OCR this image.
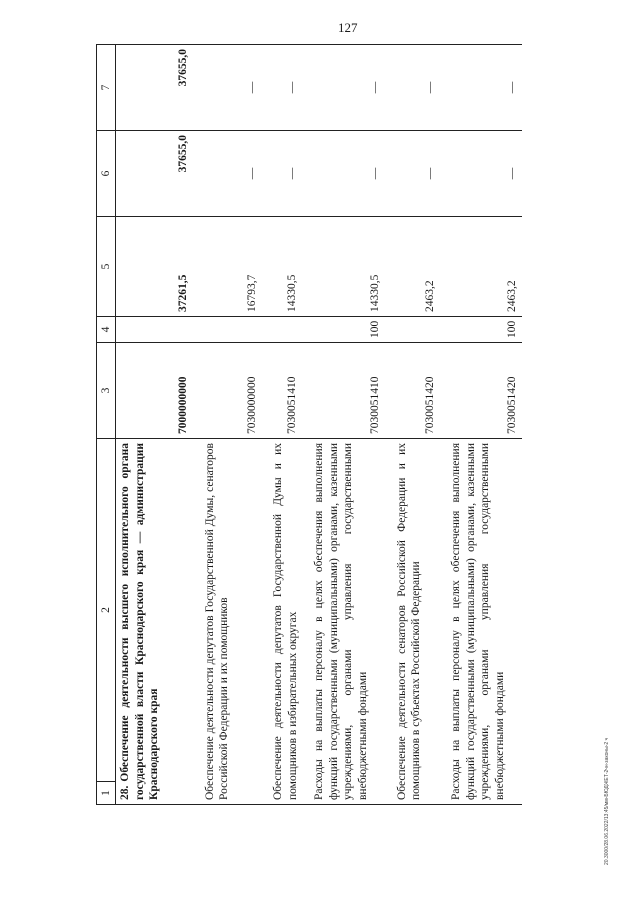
127
20.3000/28.06.2022/13:45/мм-БЮДЖЕТ-2чн-законы-2 ч
1
2	3	4	5	6	7
28.Обеспечение деятельности высшего исполнительного органа государственной власти Краснодарского края — администрации Краснодарского края	7000000000		37261,5	37655,0	37655,0

Обеспечение деятельности депутатов Государственной Думы, сенаторов Российской Федерации и их помощников	7030000000		16793,7	—	—

Обеспечение деятельности депутатов Государственной Думы и их помощников в избирательных округах	7030051410		14330,5	—	—

Расходы на выплаты персоналу в целях обеспечения выполнения функций государственными (муниципальными) органами, казенными учреждениями, органами управления государственными внебюджетными фондами	7030051410	100	14330,5	—	—

Обеспечение деятельности сенаторов Российской Федерации и их помощников в субъектах Российской Федерации	7030051420		2463,2	—	—

Расходы на выплаты персоналу в целях обеспечения выполнения функций государственными (муниципальными) органами, казенными учреждениями, органами управления государственными внебюджетными фондами	7030051420	100	2463,2	—	—
